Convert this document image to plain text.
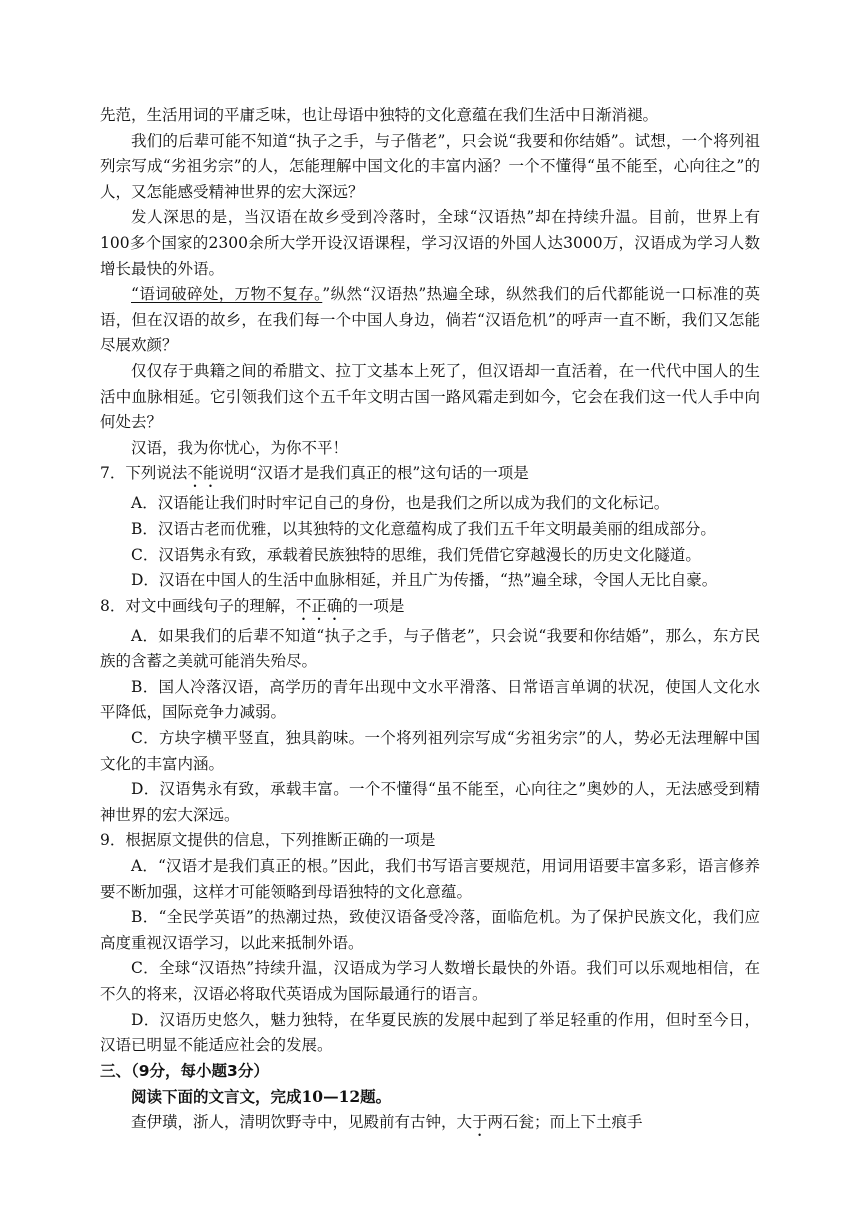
先范，生活用词的平庸乏味，也让母语中独特的文化意蕴在我们生活中日渐消褪。

我们的后辈可能不知道“执子之手，与子偕老”，只会说“我要和你结婚”。试想，一个将列祖列宗写成“劣祖劣宗”的人，怎能理解中国文化的丰富内涵？一个不懂得“虽不能至，心向往之”的人，又怎能感受精神世界的宏大深远？

发人深思的是，当汉语在故乡受到冷落时，全球“汉语热”却在持续升温。目前，世界上有100多个国家的2300余所大学开设汉语课程，学习汉语的外国人达3000万，汉语成为学习人数增长最快的外语。

“语词破碎处，万物不复存。”纵然“汉语热”热遍全球，纵然我们的后代都能说一口标准的英语，但在汉语的故乡，在我们每一个中国人身边，倘若“汉语危机”的呼声一直不断，我们又怎能尽展欢颜？

仅仅存于典籍之间的希腊文、拉丁文基本上死了，但汉语却一直活着，在一代代中国人的生活中血脉相延。它引领我们这个五千年文明古国一路风霜走到如今，它会在我们这一代人手中向何处去？

汉语，我为你忧心，为你不平！

7．下列说法不能说明“汉语才是我们真正的根”这句话的一项是

A．汉语能让我们时时牢记自己的身份，也是我们之所以成为我们的文化标记。

B．汉语古老而优雅，以其独特的文化意蕴构成了我们五千年文明最美丽的组成部分。

C．汉语隽永有致，承载着民族独特的思维，我们凭借它穿越漫长的历史文化隧道。

D．汉语在中国人的生活中血脉相延，并且广为传播，“热”遍全球，令国人无比自豪。

8．对文中画线句子的理解，不正确的一项是

A．如果我们的后辈不知道“执子之手，与子偕老”，只会说“我要和你结婚”，那么，东方民族的含蓄之美就可能消失殆尽。

B．国人冷落汉语，高学历的青年出现中文水平滑落、日常语言单调的状况，使国人文化水平降低，国际竞争力减弱。

C．方块字横平竖直，独具韵味。一个将列祖列宗写成“劣祖劣宗”的人，势必无法理解中国文化的丰富内涵。

D．汉语隽永有致，承载丰富。一个不懂得“虽不能至，心向往之”奥妙的人，无法感受到精神世界的宏大深远。

9．根据原文提供的信息，下列推断正确的一项是

A．“汉语才是我们真正的根。”因此，我们书写语言要规范，用词用语要丰富多彩，语言修养要不断加强，这样才可能领略到母语独特的文化意蕴。

B．“全民学英语”的热潮过热，致使汉语备受冷落，面临危机。为了保护民族文化，我们应高度重视汉语学习，以此来抵制外语。

C．全球“汉语热”持续升温，汉语成为学习人数增长最快的外语。我们可以乐观地相信，在不久的将来，汉语必将取代英语成为国际最通行的语言。

D．汉语历史悠久，魅力独特，在华夏民族的发展中起到了举足轻重的作用，但时至今日，汉语已明显不能适应社会的发展。

三、（9分，每小题3分）

阅读下面的文言文，完成10—12题。

查伊璜，浙人，清明饮野寺中，见殿前有古钟，大于两石瓮；而上下土痕手
